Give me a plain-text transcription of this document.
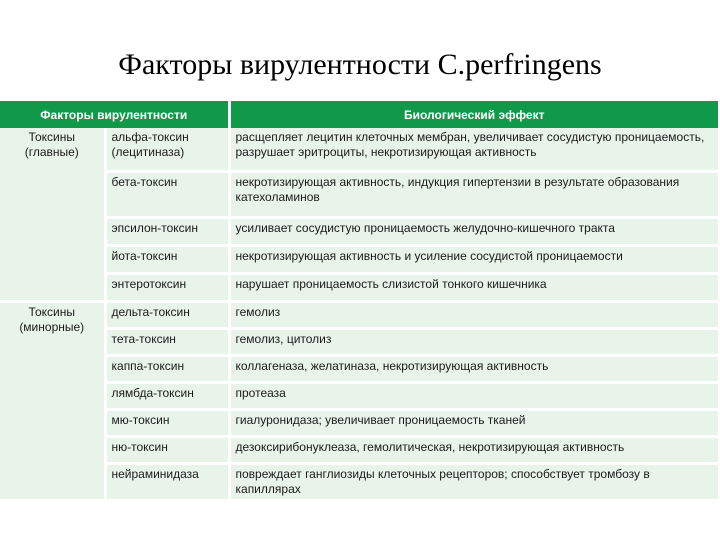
Факторы вирулентности C.perfringens
Факторы вирулентности		Биологический эффект
Токсины (главные)	альфа-токсин (лецитиназа)	расщепляет лецитин клеточных мембран, увеличивает сосудистую проницаемость, разрушает эритроциты, некротизирующая активность
	бета-токсин	некротизирующая активность, индукция гипертензии в результате образования катехоламинов
	эпсилон-токсин	усиливает сосудистую проницаемость желудочно-кишечного тракта
	йота-токсин	некротизирующая активность и усиление сосудистой проницаемости
	энтеротоксин	нарушает проницаемость слизистой тонкого кишечника
Токсины (минорные)	дельта-токсин	гемолиз
	тета-токсин	гемолиз, цитолиз
	каппа-токсин	коллагеназа, желатиназа, некротизирующая активность
	лямбда-токсин	протеаза
	мю-токсин	гиалуронидаза; увеличивает проницаемость тканей
	ню-токсин	дезоксирибонуклеаза, гемолитическая, некротизирующая активность
	нейраминидаза	повреждает ганглиозиды клеточных рецепторов; способствует тромбозу в капиллярах
